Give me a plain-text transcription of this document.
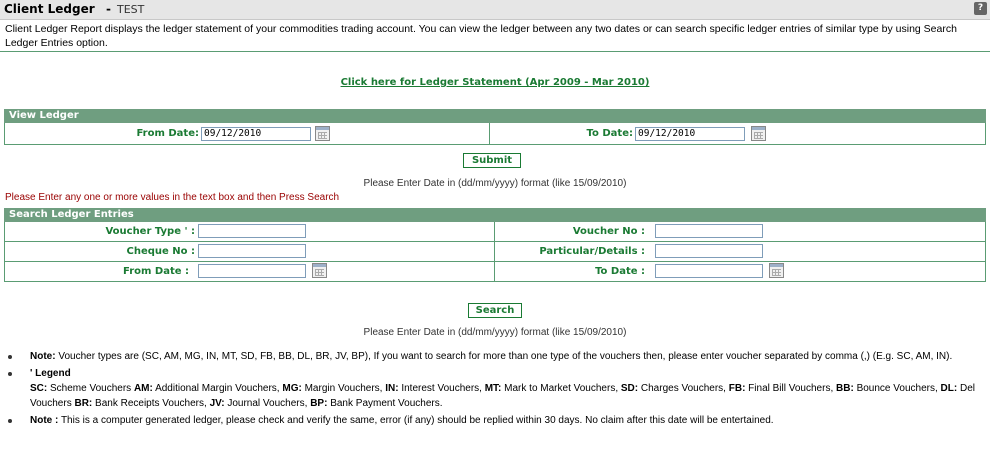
Client Ledger - TEST	?
Client Ledger Report displays the ledger statement of your commodities trading account. You can view the ledger between any two dates or can search specific ledger entries of similar type by using Search Ledger Entries option.
Click here for Ledger Statement (Apr 2009 - Mar 2010)
View Ledger
From Date: 09/12/2010	To Date: 09/12/2010
Submit
Please Enter Date in (dd/mm/yyyy) format (like 15/09/2010)
Please Enter any one or more values in the text box and then Press Search
Search Ledger Entries
Voucher Type ' :	Voucher No :
Cheque No :	Particular/Details :
From Date :	To Date :
Search
Please Enter Date in (dd/mm/yyyy) format (like 15/09/2010)
Note: Voucher types are (SC, AM, MG, IN, MT, SD, FB, BB, DL, BR, JV, BP), If you want to search for more than one type of the vouchers then, please enter voucher separated by comma (,) (E.g. SC, AM, IN).
' Legend
SC: Scheme Vouchers AM: Additional Margin Vouchers, MG: Margin Vouchers, IN: Interest Vouchers, MT: Mark to Market Vouchers, SD: Charges Vouchers, FB: Final Bill Vouchers, BB: Bounce Vouchers, DL: Del Vouchers BR: Bank Receipts Vouchers, JV: Journal Vouchers, BP: Bank Payment Vouchers.
Note : This is a computer generated ledger, please check and verify the same, error (if any) should be replied within 30 days. No claim after this date will be entertained.
